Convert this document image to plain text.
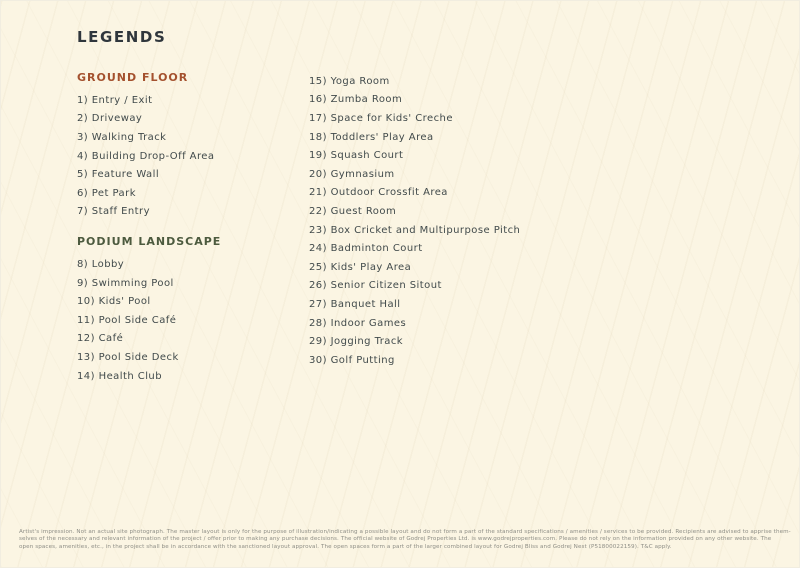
LEGENDS
GROUND FLOOR
1) Entry / Exit
2) Driveway
3) Walking Track
4) Building Drop-Off Area
5) Feature Wall
6) Pet Park
7) Staff Entry
PODIUM LANDSCAPE
8) Lobby
9) Swimming Pool
10) Kids' Pool
11) Pool Side Café
12) Café
13) Pool Side Deck
14) Health Club
15) Yoga Room
16) Zumba Room
17) Space for Kids' Creche
18) Toddlers' Play Area
19) Squash Court
20) Gymnasium
21) Outdoor Crossfit Area
22) Guest Room
23) Box Cricket and Multipurpose Pitch
24) Badminton Court
25) Kids' Play Area
26) Senior Citizen Sitout
27) Banquet Hall
28) Indoor Games
29) Jogging Track
30) Golf Putting
Artist's impression. Not an actual site photograph. The master layout is only for the purpose of illustration/indicating a possible layout and do not form a part of the standard specifications / amenities / services to be provided. Recipients are advised to apprise them-
selves of the necessary and relevant information of the project / offer prior to making any purchase decisions. The official website of Godrej Properties Ltd. is www.godrejproperties.com. Please do not rely on the information provided on any other website. The
open spaces, amenities, etc., in the project shall be in accordance with the sanctioned layout approval. The open spaces form a part of the larger combined layout for Godrej Bliss and Godrej Nest (P51800022159). T&C apply.
